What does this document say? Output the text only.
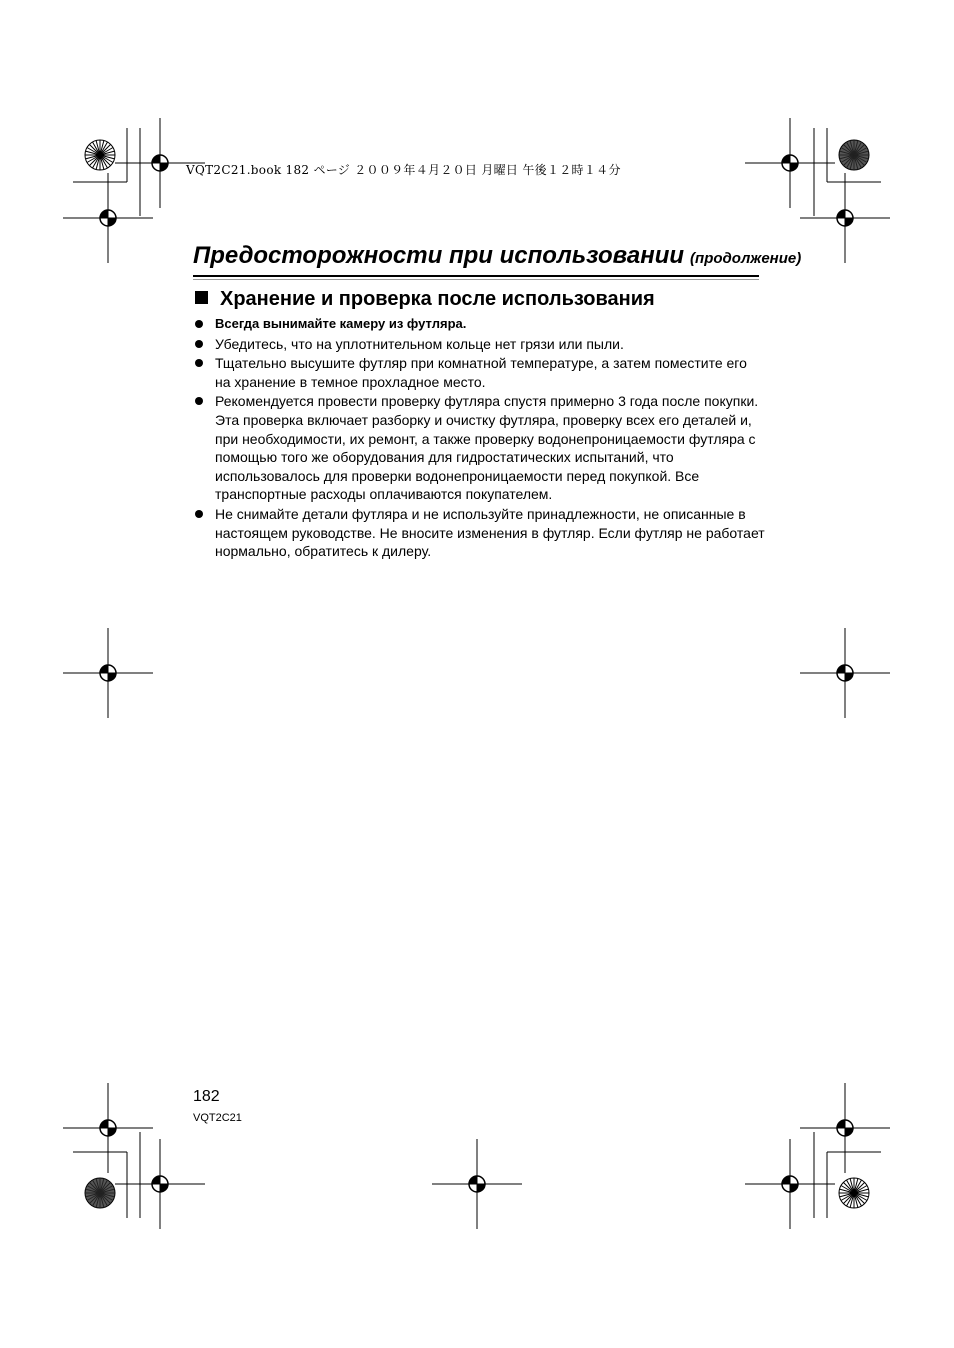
VQT2C21.book 182 ページ ２００９年４月２０日 月曜日 午後１２時１４分
Предосторожности при использовании (продолжение)
Хранение и проверка после использования
Всегда вынимайте камеру из футляра.
Убедитесь, что на уплотнительном кольце нет грязи или пыли.
Тщательно высушите футляр при комнатной температуре, а затем поместите его на хранение в темное прохладное место.
Рекомендуется провести проверку футляра спустя примерно 3 года после покупки. Эта проверка включает разборку и очистку футляра, проверку всех его деталей и, при необходимости, их ремонт, а также проверку водонепроницаемости футляра с помощью того же оборудования для гидростатических испытаний, что использовалось для проверки водонепроницаемости перед покупкой. Все транспортные расходы оплачиваются покупателем.
Не снимайте детали футляра и не используйте принадлежности, не описанные в настоящем руководстве. Не вносите изменения в футляр. Если футляр не работает нормально, обратитесь к дилеру.
182
VQT2C21
